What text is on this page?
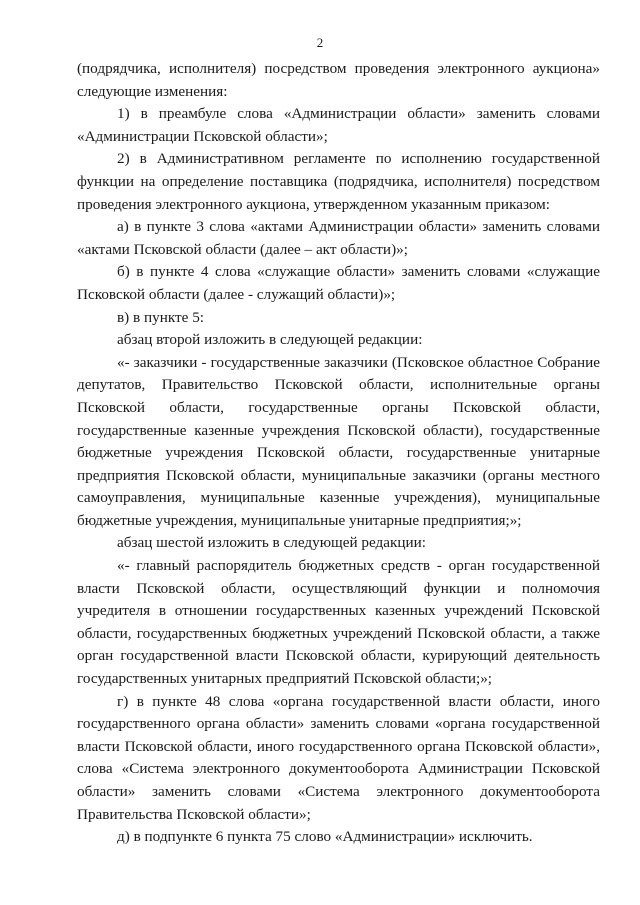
2

(подрядчика, исполнителя) посредством проведения электронного аукциона» следующие изменения:

1) в преамбуле слова «Администрации области» заменить словами «Администрации Псковской области»;

2) в Административном регламенте по исполнению государственной функции на определение поставщика (подрядчика, исполнителя) посредством проведения электронного аукциона, утвержденном указанным приказом:

а) в пункте 3 слова «актами Администрации области» заменить словами «актами Псковской области (далее – акт области)»;

б) в пункте 4 слова «служащие области» заменить словами «служащие Псковской области (далее - служащий области)»;

в) в пункте 5:

абзац второй изложить в следующей редакции:

«- заказчики - государственные заказчики (Псковское областное Собрание депутатов, Правительство Псковской области, исполнительные органы Псковской области, государственные органы Псковской области, государственные казенные учреждения Псковской области), государственные бюджетные учреждения Псковской области, государственные унитарные предприятия Псковской области, муниципальные заказчики (органы местного самоуправления, муниципальные казенные учреждения), муниципальные бюджетные учреждения, муниципальные унитарные предприятия;»;

абзац шестой изложить в следующей редакции:

«- главный распорядитель бюджетных средств - орган государственной власти Псковской области, осуществляющий функции и полномочия учредителя в отношении государственных казенных учреждений Псковской области, государственных бюджетных учреждений Псковской области, а также орган государственной власти Псковской области, курирующий деятельность государственных унитарных предприятий Псковской области;»;

г) в пункте 48 слова «органа государственной власти области, иного государственного органа области» заменить словами «органа государственной власти Псковской области, иного государственного органа Псковской области», слова «Система электронного документооборота Администрации Псковской области» заменить словами «Система электронного документооборота Правительства Псковской области»;

д) в подпункте 6 пункта 75 слово «Администрации» исключить.
